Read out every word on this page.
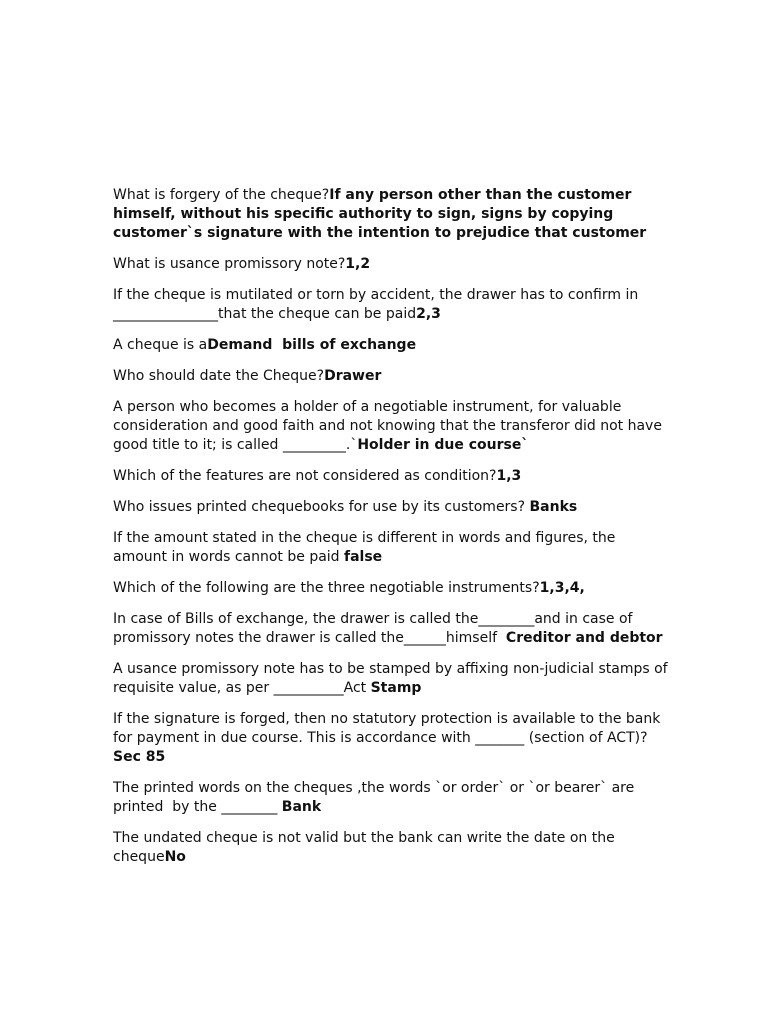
What is forgery of the cheque?If any person other than the customer himself, without his specific authority to sign, signs by copying customer`s signature with the intention to prejudice that customer

What is usance promissory note?1,2

If the cheque is mutilated or torn by accident, the drawer has to confirm in _______________that the cheque can be paid2,3

A cheque is aDemand  bills of exchange

Who should date the Cheque?Drawer

A person who becomes a holder of a negotiable instrument, for valuable consideration and good faith and not knowing that the transferor did not have good title to it; is called _________.`Holder in due course`

Which of the features are not considered as condition?1,3

Who issues printed chequebooks for use by its customers? Banks

If the amount stated in the cheque is different in words and figures, the amount in words cannot be paid false

Which of the following are the three negotiable instruments?1,3,4,

In case of Bills of exchange, the drawer is called the________and in case of promissory notes the drawer is called the______himself  Creditor and debtor

A usance promissory note has to be stamped by affixing non-judicial stamps of requisite value, as per __________Act Stamp

If the signature is forged, then no statutory protection is available to the bank for payment in due course. This is accordance with _______ (section of ACT)? Sec 85

The printed words on the cheques ,the words `or order` or `or bearer` are printed  by the ________ Bank

The undated cheque is not valid but the bank can write the date on the chequeNo
